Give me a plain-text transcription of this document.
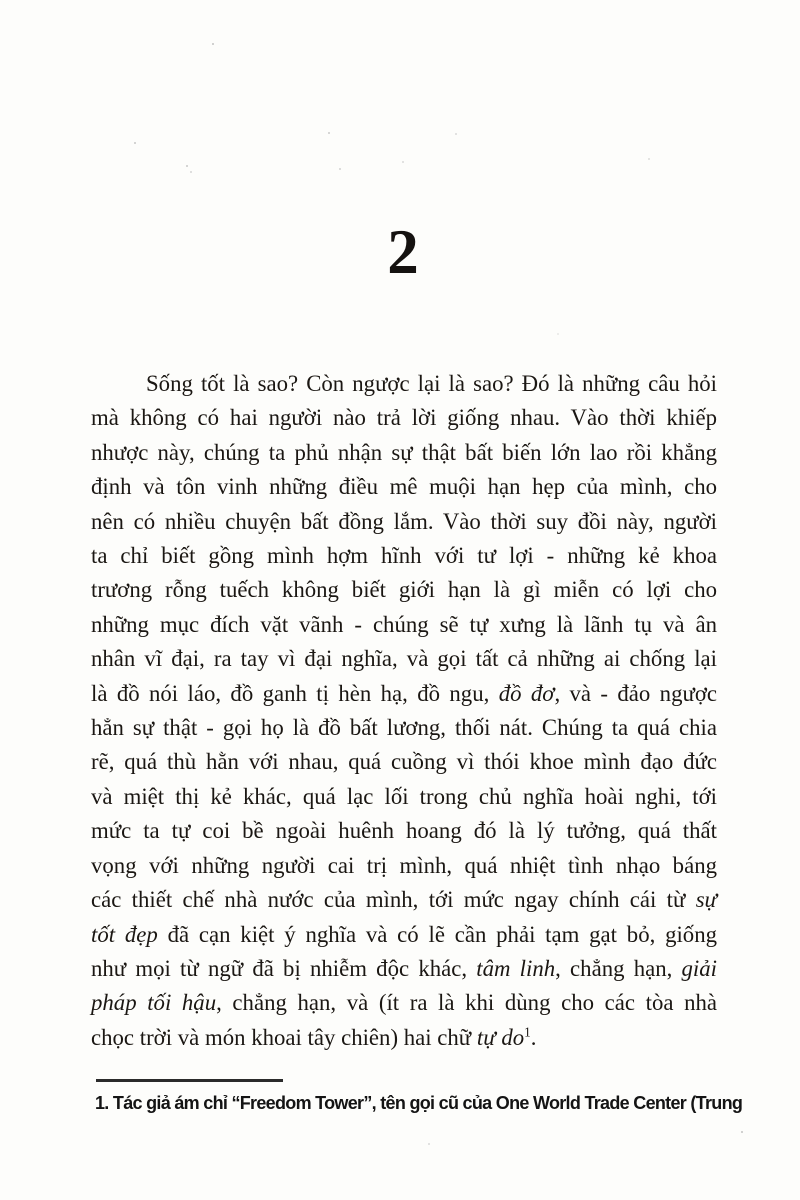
2
Sống tốt là sao? Còn ngược lại là sao? Đó là những câu hỏi
mà không có hai người nào trả lời giống nhau. Vào thời khiếp
nhược này, chúng ta phủ nhận sự thật bất biến lớn lao rồi khẳng
định và tôn vinh những điều mê muội hạn hẹp của mình, cho
nên có nhiều chuyện bất đồng lắm. Vào thời suy đồi này, người
ta chỉ biết gồng mình hợm hĩnh với tư lợi - những kẻ khoa
trương rỗng tuếch không biết giới hạn là gì miễn có lợi cho
những mục đích vặt vãnh - chúng sẽ tự xưng là lãnh tụ và ân
nhân vĩ đại, ra tay vì đại nghĩa, và gọi tất cả những ai chống lại
là đồ nói láo, đồ ganh tị hèn hạ, đồ ngu, đồ đơ, và - đảo ngược
hẳn sự thật - gọi họ là đồ bất lương, thối nát. Chúng ta quá chia
rẽ, quá thù hằn với nhau, quá cuồng vì thói khoe mình đạo đức
và miệt thị kẻ khác, quá lạc lối trong chủ nghĩa hoài nghi, tới
mức ta tự coi bề ngoài huênh hoang đó là lý tưởng, quá thất
vọng với những người cai trị mình, quá nhiệt tình nhạo báng
các thiết chế nhà nước của mình, tới mức ngay chính cái từ sự
tốt đẹp đã cạn kiệt ý nghĩa và có lẽ cần phải tạm gạt bỏ, giống
như mọi từ ngữ đã bị nhiễm độc khác, tâm linh, chẳng hạn, giải
pháp tối hậu, chẳng hạn, và (ít ra là khi dùng cho các tòa nhà
chọc trời và món khoai tây chiên) hai chữ tự $do^1$.
1. Tác giả ám chỉ “Freedom Tower”, tên gọi cũ của One World Trade Center (Trung
